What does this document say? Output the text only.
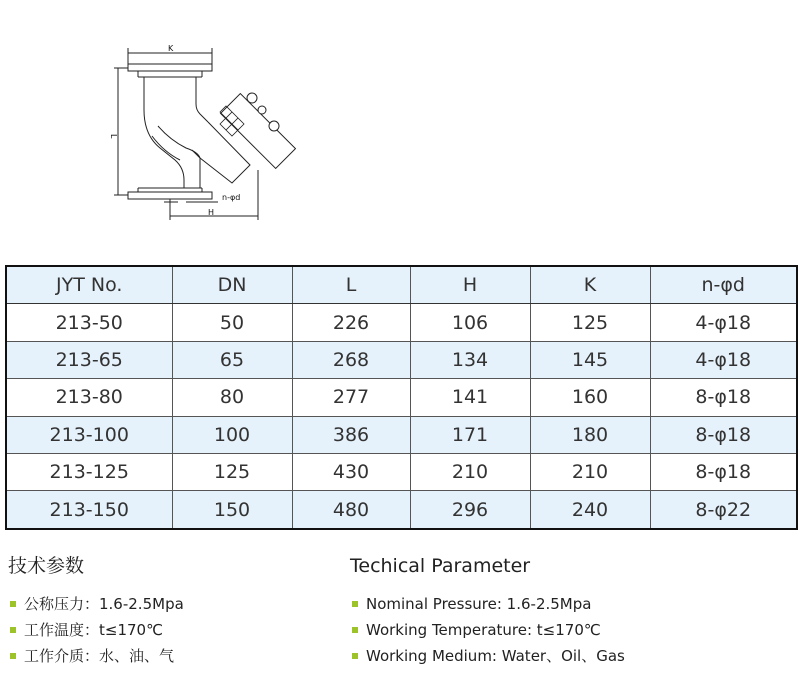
K
L
H
n-φd
JYT No.	DN	L	H	K	n-φd
213-50	50	226	106	125	4-φ18
213-65	65	268	134	145	4-φ18
213-80	80	277	141	160	8-φ18
213-100	100	386	171	180	8-φ18
213-125	125	430	210	210	8-φ18
213-150	150	480	296	240	8-φ22
技术参数
公称压力：1.6-2.5Mpa
工作温度：t≤170℃
工作介质：水、油、气
Techical Parameter
Nominal Pressure: 1.6-2.5Mpa
Working Temperature: t≤170℃
Working Medium: Water、Oil、Gas
